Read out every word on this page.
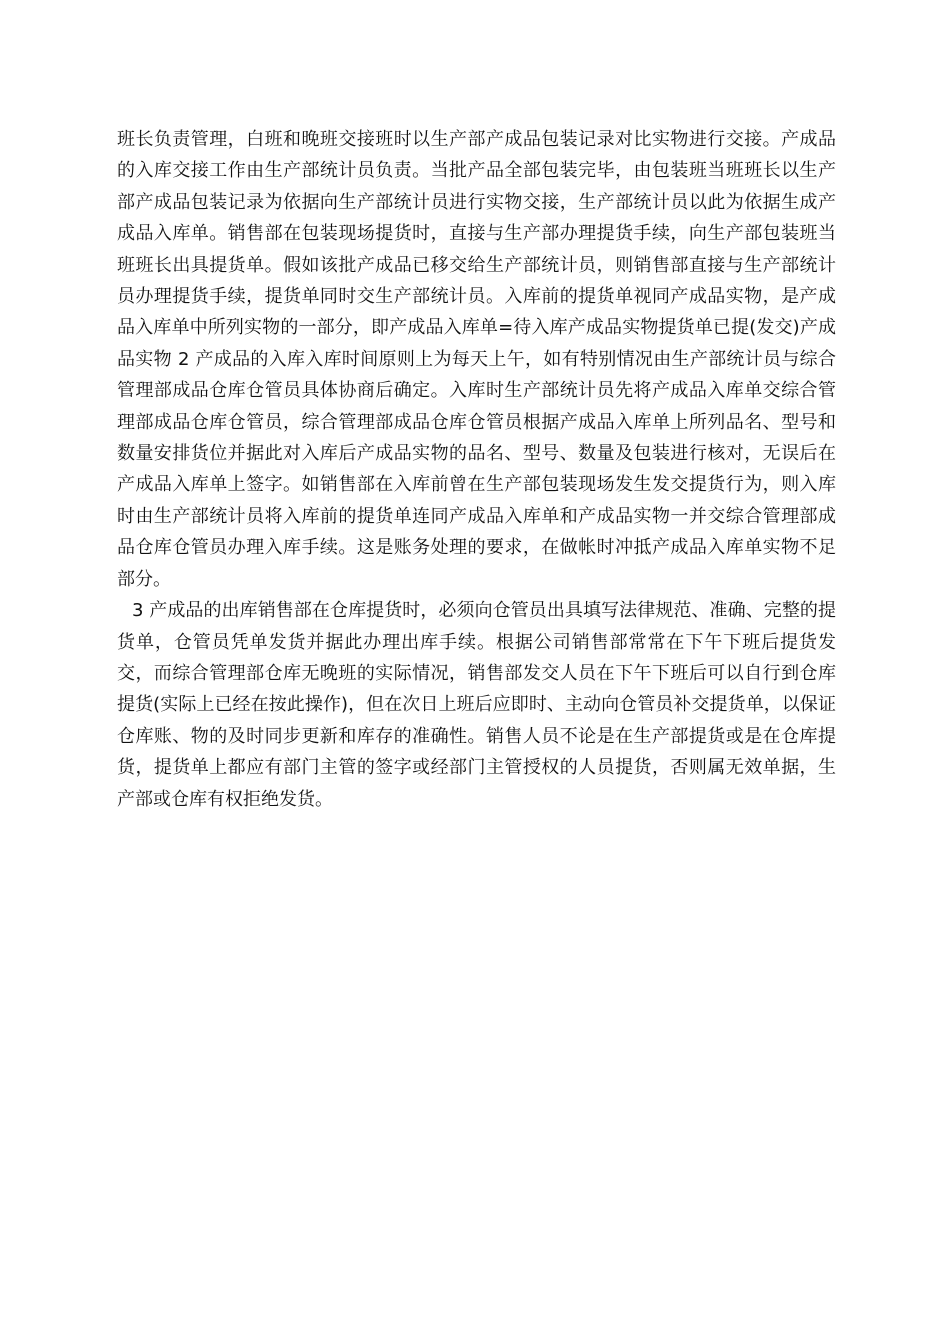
班长负责管理，白班和晚班交接班时以生产部产成品包装记录对比实物进行交接。产成品的入库交接工作由生产部统计员负责。当批产品全部包装完毕，由包装班当班班长以生产部产成品包装记录为依据向生产部统计员进行实物交接，生产部统计员以此为依据生成产成品入库单。销售部在包装现场提货时，直接与生产部办理提货手续，向生产部包装班当班班长出具提货单。假如该批产成品已移交给生产部统计员，则销售部直接与生产部统计员办理提货手续，提货单同时交生产部统计员。入库前的提货单视同产成品实物，是产成品入库单中所列实物的一部分，即产成品入库单=待入库产成品实物提货单已提(发交)产成品实物 2 产成品的入库入库时间原则上为每天上午，如有特别情况由生产部统计员与综合管理部成品仓库仓管员具体协商后确定。入库时生产部统计员先将产成品入库单交综合管理部成品仓库仓管员，综合管理部成品仓库仓管员根据产成品入库单上所列品名、型号和数量安排货位并据此对入库后产成品实物的品名、型号、数量及包装进行核对，无误后在产成品入库单上签字。如销售部在入库前曾在生产部包装现场发生发交提货行为，则入库时由生产部统计员将入库前的提货单连同产成品入库单和产成品实物一并交综合管理部成品仓库仓管员办理入库手续。这是账务处理的要求，在做帐时冲抵产成品入库单实物不足部分。

3 产成品的出库销售部在仓库提货时，必须向仓管员出具填写法律规范、准确、完整的提货单，仓管员凭单发货并据此办理出库手续。根据公司销售部常常在下午下班后提货发交，而综合管理部仓库无晚班的实际情况，销售部发交人员在下午下班后可以自行到仓库提货(实际上已经在按此操作)，但在次日上班后应即时、主动向仓管员补交提货单，以保证仓库账、物的及时同步更新和库存的准确性。销售人员不论是在生产部提货或是在仓库提货，提货单上都应有部门主管的签字或经部门主管授权的人员提货，否则属无效单据，生产部或仓库有权拒绝发货。
